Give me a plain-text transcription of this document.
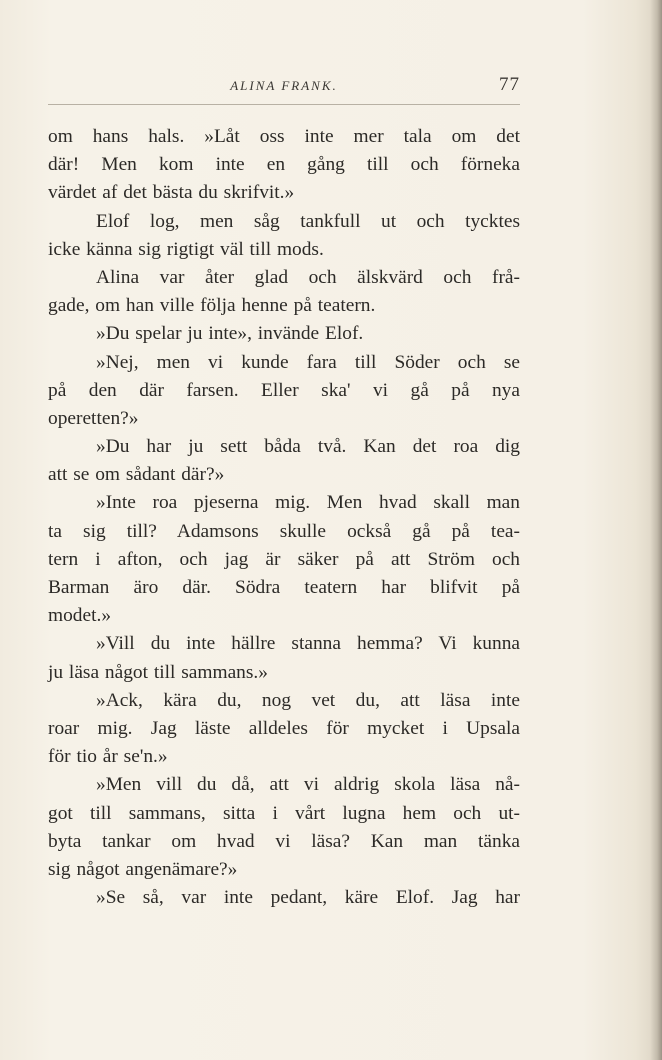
ALINA FRANK.	77
om hans hals. »Låt oss inte mer tala om det
där! Men kom inte en gång till och förneka
värdet af det bästa du skrifvit.»
Elof log, men såg tankfull ut och tycktes
icke känna sig rigtigt väl till mods.
Alina var åter glad och älskvärd och frå-
gade, om han ville följa henne på teatern.
»Du spelar ju inte», invände Elof.
»Nej, men vi kunde fara till Söder och se
på den där farsen. Eller ska' vi gå på nya
operetten?»
»Du har ju sett båda två. Kan det roa dig
att se om sådant där?»
»Inte roa pjeserna mig. Men hvad skall man
ta sig till? Adamsons skulle också gå på tea-
tern i afton, och jag är säker på att Ström och
Barman äro där. Södra teatern har blifvit på
modet.»
»Vill du inte hällre stanna hemma? Vi kunna
ju läsa något till sammans.»
»Ack, kära du, nog vet du, att läsa inte
roar mig. Jag läste alldeles för mycket i Upsala
för tio år se'n.»
»Men vill du då, att vi aldrig skola läsa nå-
got till sammans, sitta i vårt lugna hem och ut-
byta tankar om hvad vi läsa? Kan man tänka
sig något angenämare?»
»Se så, var inte pedant, käre Elof. Jag har
